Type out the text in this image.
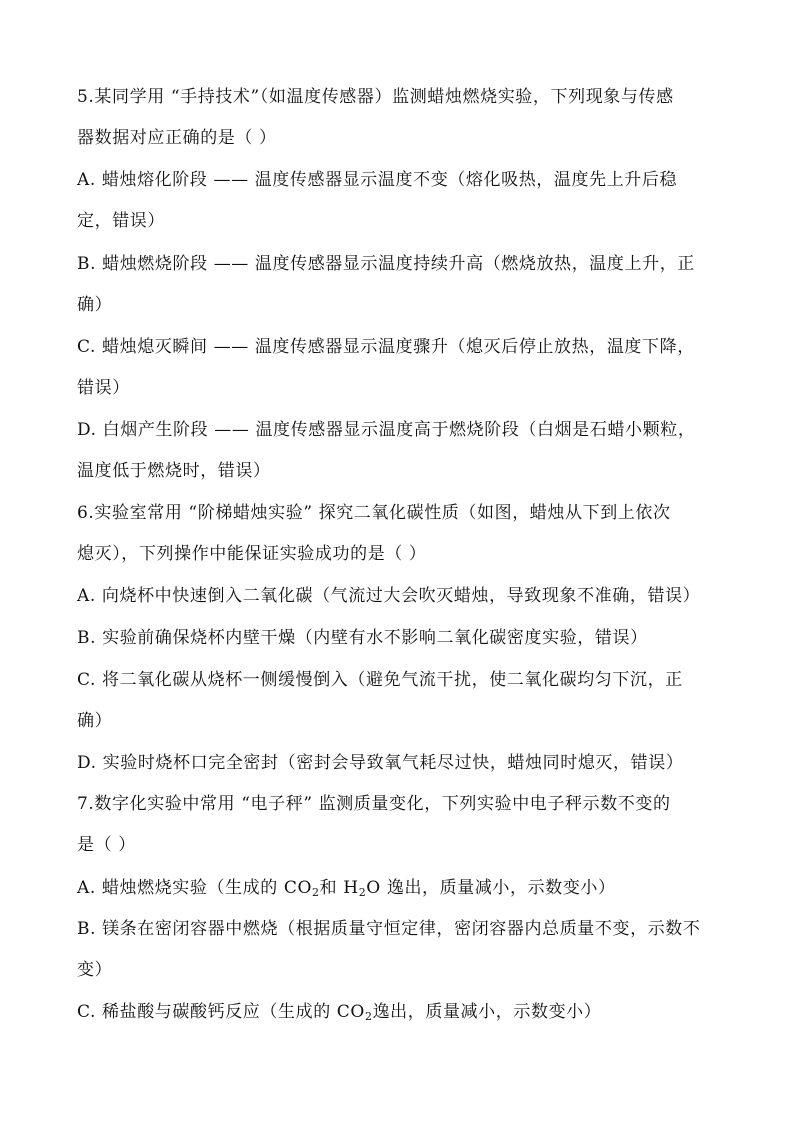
5.某同学用 “手持技术”（如温度传感器）监测蜡烛燃烧实验，下列现象与传感
器数据对应正确的是（ ）
A. 蜡烛熔化阶段 —— 温度传感器显示温度不变（熔化吸热，温度先上升后稳
定，错误）
B. 蜡烛燃烧阶段 —— 温度传感器显示温度持续升高（燃烧放热，温度上升，正
确）
C. 蜡烛熄灭瞬间 —— 温度传感器显示温度骤升（熄灭后停止放热，温度下降，
错误）
D. 白烟产生阶段 —— 温度传感器显示温度高于燃烧阶段（白烟是石蜡小颗粒，
温度低于燃烧时，错误）
6.实验室常用 “阶梯蜡烛实验” 探究二氧化碳性质（如图，蜡烛从下到上依次
熄灭），下列操作中能保证实验成功的是（ ）
A. 向烧杯中快速倒入二氧化碳（气流过大会吹灭蜡烛，导致现象不准确，错误）
B. 实验前确保烧杯内壁干燥（内壁有水不影响二氧化碳密度实验，错误）
C. 将二氧化碳从烧杯一侧缓慢倒入（避免气流干扰，使二氧化碳均匀下沉，正
确）
D. 实验时烧杯口完全密封（密封会导致氧气耗尽过快，蜡烛同时熄灭，错误）
7.数字化实验中常用 “电子秤” 监测质量变化，下列实验中电子秤示数不变的
是（ ）
A. 蜡烛燃烧实验（生成的 $CO_2$和 $H_2O$ 逸出，质量减小，示数变小）
B. 镁条在密闭容器中燃烧（根据质量守恒定律，密闭容器内总质量不变，示数不
变）
C. 稀盐酸与碳酸钙反应（生成的 $CO_2$逸出，质量减小，示数变小）
